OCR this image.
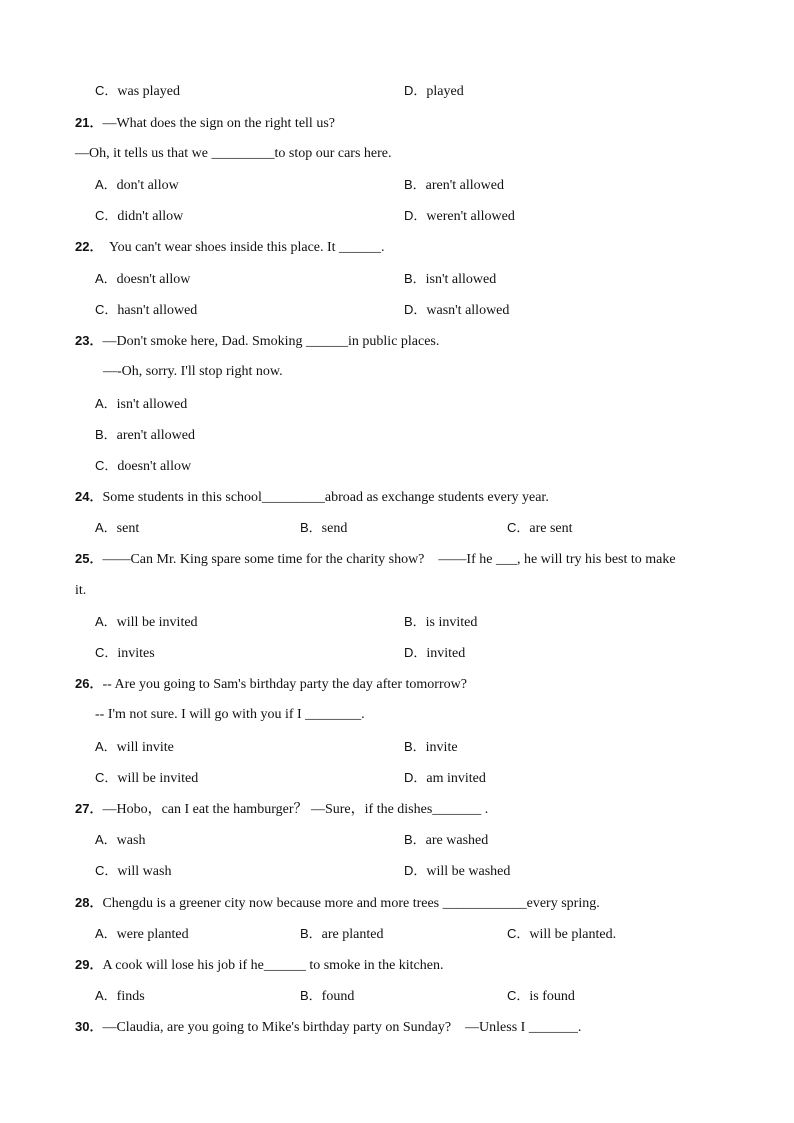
C．was played	D．played
21．—What does the sign on the right tell us?
—Oh, it tells us that we _________to stop our cars here.
A．don't allow	B．aren't allowed
C．didn't allow	D．weren't allowed
22．  You can't wear shoes inside this place. It ______.
A．doesn't allow	B．isn't allowed
C．hasn't allowed	D．wasn't allowed
23．—Don't smoke here, Dad. Smoking ______in public places.
—-Oh, sorry. I'll stop right now.
A．isn't allowed
B．aren't allowed
C．doesn't allow
24．Some students in this school_________abroad as exchange students every year.
A．sent	B．send	C．are sent
25．——Can Mr. King spare some time for the charity show?    ——If he ___, he will try his best to make
it.
A．will be invited	B．is invited
C．invites	D．invited
26．-- Are you going to Sam's birthday party the day after tomorrow?
-- I'm not sure. I will go with you if I ________.
A．will invite	B．invite
C．will be invited	D．am invited
27．—Hobo，can I eat the hamburger？ —Sure，if the dishes_______ .
A．wash	B．are washed
C．will wash	D．will be washed
28．Chengdu is a greener city now because more and more trees ____________every spring.
A．were planted	B．are planted	C．will be planted.
29．A cook will lose his job if he______ to smoke in the kitchen.
A．finds	B．found	C．is found
30．—Claudia, are you going to Mike's birthday party on Sunday?    —Unless I _______.
